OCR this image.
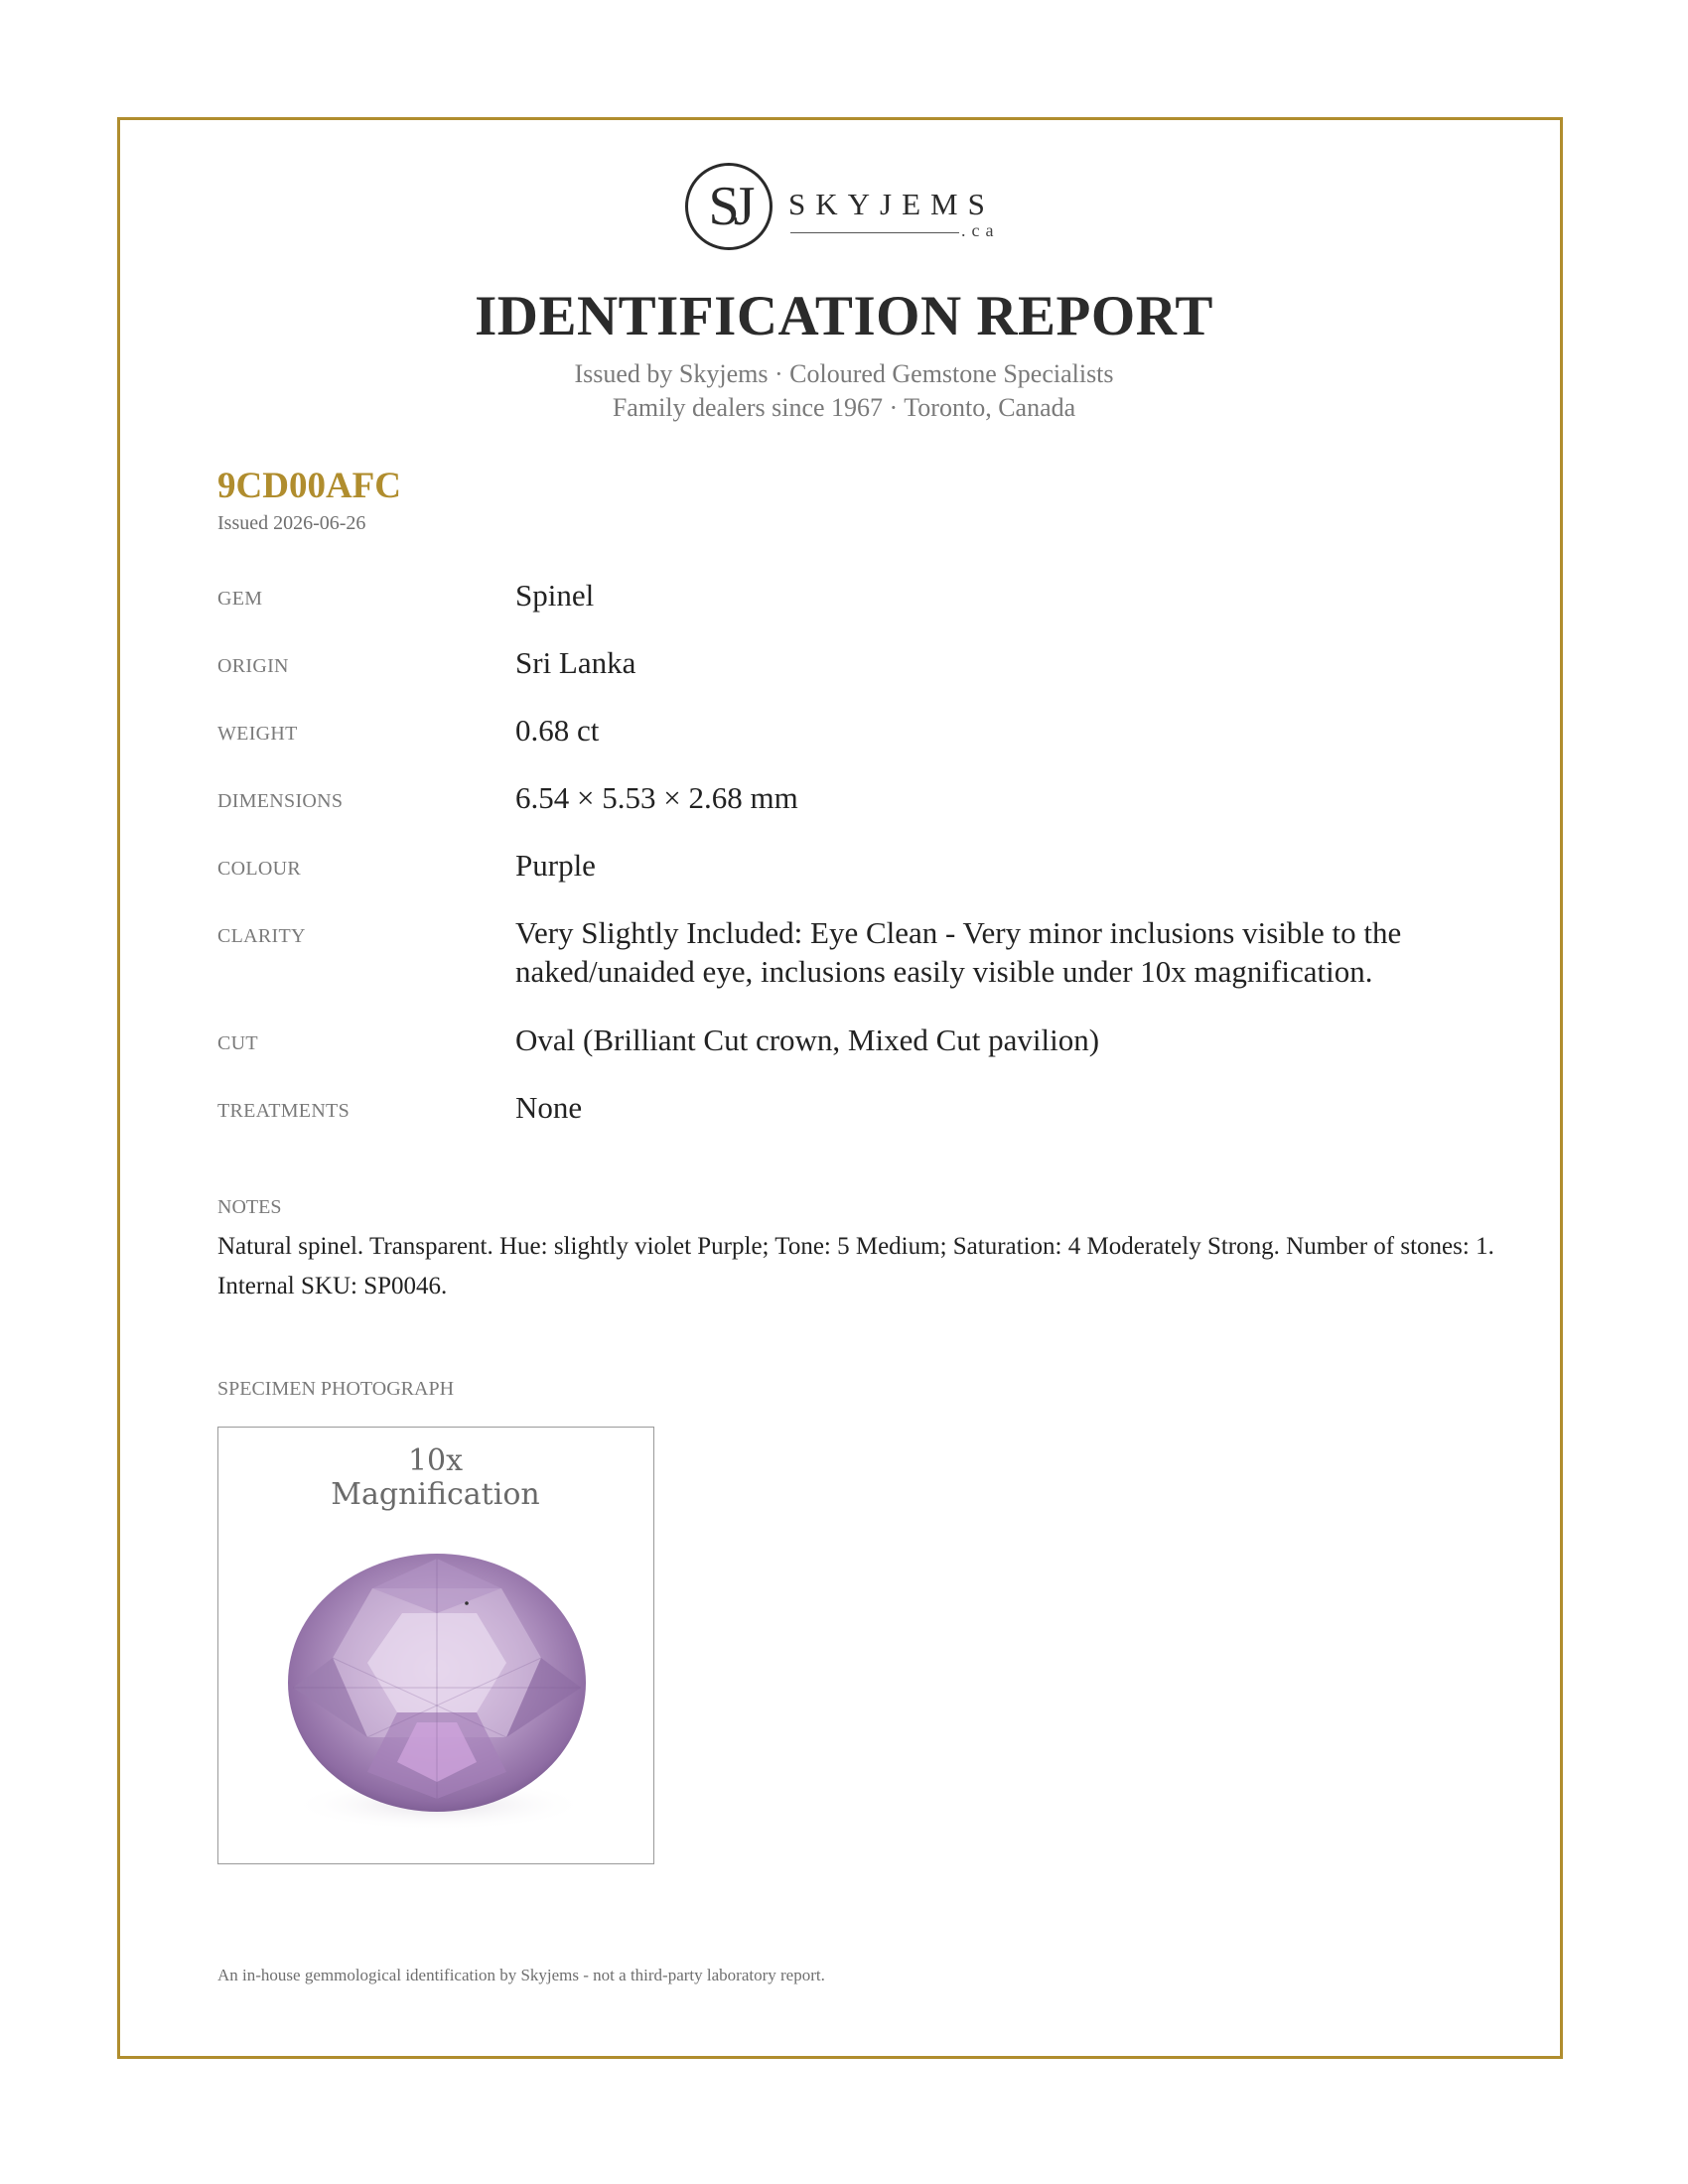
SJ	SKYJEMS
.ca
IDENTIFICATION REPORT
Issued by Skyjems · Coloured Gemstone Specialists
Family dealers since 1967 · Toronto, Canada
9CD00AFC
Issued 2026-06-26
GEM	Spinel
ORIGIN	Sri Lanka
WEIGHT	0.68 ct
DIMENSIONS	6.54 × 5.53 × 2.68 mm
COLOUR	Purple
CLARITY	Very Slightly Included: Eye Clean - Very minor inclusions visible to the naked/unaided eye, inclusions easily visible under 10x magnification.
CUT	Oval (Brilliant Cut crown, Mixed Cut pavilion)
TREATMENTS	None
NOTES
Natural spinel. Transparent. Hue: slightly violet Purple; Tone: 5 Medium; Saturation: 4 Moderately Strong. Number of stones: 1. Internal SKU: SP0046.
SPECIMEN PHOTOGRAPH
10x
Magnification
An in-house gemmological identification by Skyjems - not a third-party laboratory report.
